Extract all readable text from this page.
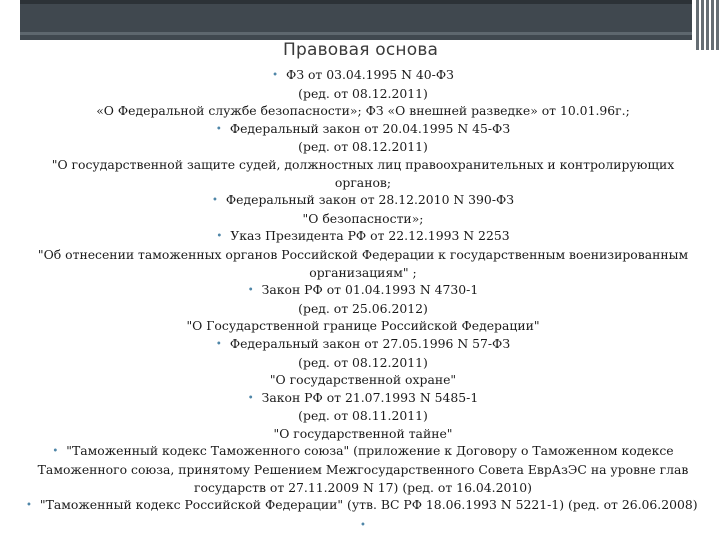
Правовая основа
• ФЗ от 03.04.1995 N 40-ФЗ
(ред. от 08.12.2011)
«О Федеральной службе безопасности»; ФЗ «О внешней разведке» от 10.01.96г.;
• Федеральный закон от 20.04.1995 N 45-ФЗ
(ред. от 08.12.2011)
"О государственной защите судей, должностных лиц правоохранительных и контролирующих
органов;
• Федеральный закон от 28.12.2010 N 390-ФЗ
"О безопасности»;
• Указ Президента РФ от 22.12.1993 N 2253
"Об отнесении таможенных органов Российской Федерации к государственным военизированным
организациям" ;
• Закон РФ от 01.04.1993 N 4730-1
(ред. от 25.06.2012)
"О Государственной границе Российской Федерации"
• Федеральный закон от 27.05.1996 N 57-ФЗ
(ред. от 08.12.2011)
"О государственной охране"
• Закон РФ от 21.07.1993 N 5485-1
(ред. от 08.11.2011)
"О государственной тайне"
• "Таможенный кодекс Таможенного союза" (приложение к Договору о Таможенном кодексе
Таможенного союза, принятому Решением Межгосударственного Совета ЕврАзЭС на уровне глав
государств от 27.11.2009 N 17) (ред. от 16.04.2010)
• "Таможенный кодекс Российской Федерации" (утв. ВС РФ 18.06.1993 N 5221-1) (ред. от 26.06.2008)
•
